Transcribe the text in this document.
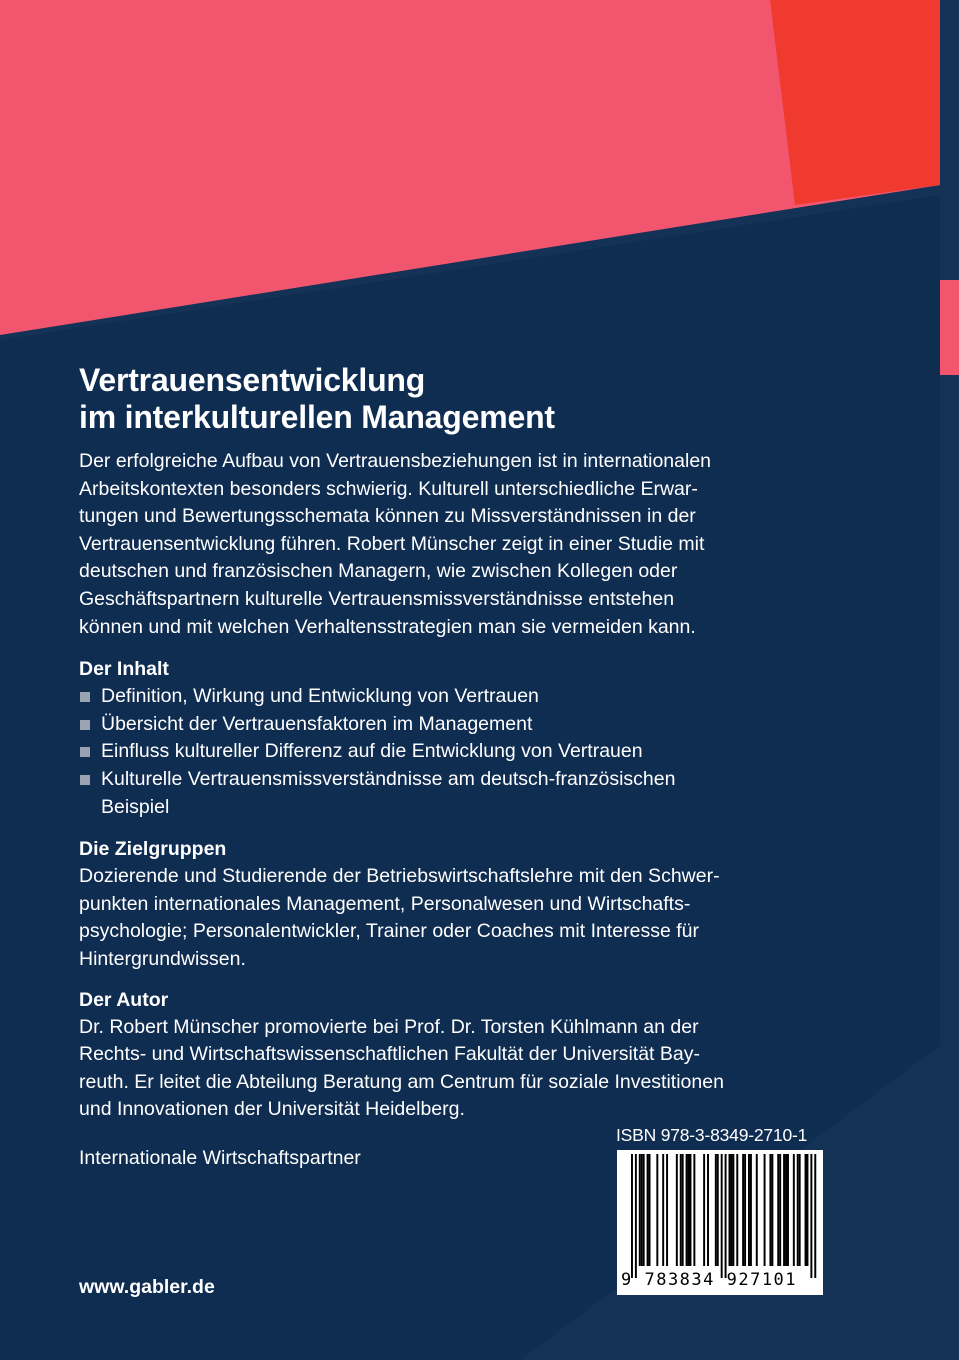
Vertrauensentwicklung
im interkulturellen Management

Der erfolgreiche Aufbau von Vertrauensbeziehungen ist in internationalen

Arbeitskontexten besonders schwierig. Kulturell unterschiedliche Erwar-

tungen und Bewertungsschemata können zu Missverständnissen in der

Vertrauensentwicklung führen. Robert Münscher zeigt in einer Studie mit

deutschen und französischen Managern, wie zwischen Kollegen oder

Geschäftspartnern kulturelle Vertrauensmissverständnisse entstehen

können und mit welchen Verhaltensstrategien man sie vermeiden kann.

Der Inhalt

Definition, Wirkung und Entwicklung von Vertrauen
Übersicht der Vertrauensfaktoren im Management
Einfluss kultureller Differenz auf die Entwicklung von Vertrauen
Kulturelle Vertrauensmissverständnisse am deutsch-französischen
Beispiel

Die Zielgruppen

Dozierende und Studierende der Betriebswirtschaftslehre mit den Schwer-

punkten internationales Management, Personalwesen und Wirtschafts-

psychologie; Personalentwickler, Trainer oder Coaches mit Interesse für

Hintergrundwissen.

Der Autor

Dr. Robert Münscher promovierte bei Prof. Dr. Torsten Kühlmann an der

Rechts- und Wirtschaftswissenschaftlichen Fakultät der Universität Bay-

reuth. Er leitet die Abteilung Beratung am Centrum für soziale Investitionen

und Innovationen der Universität Heidelberg.

Internationale Wirtschaftspartner
www.gabler.de
ISBN 978-3-8349-2710-1
9 783834 927101
